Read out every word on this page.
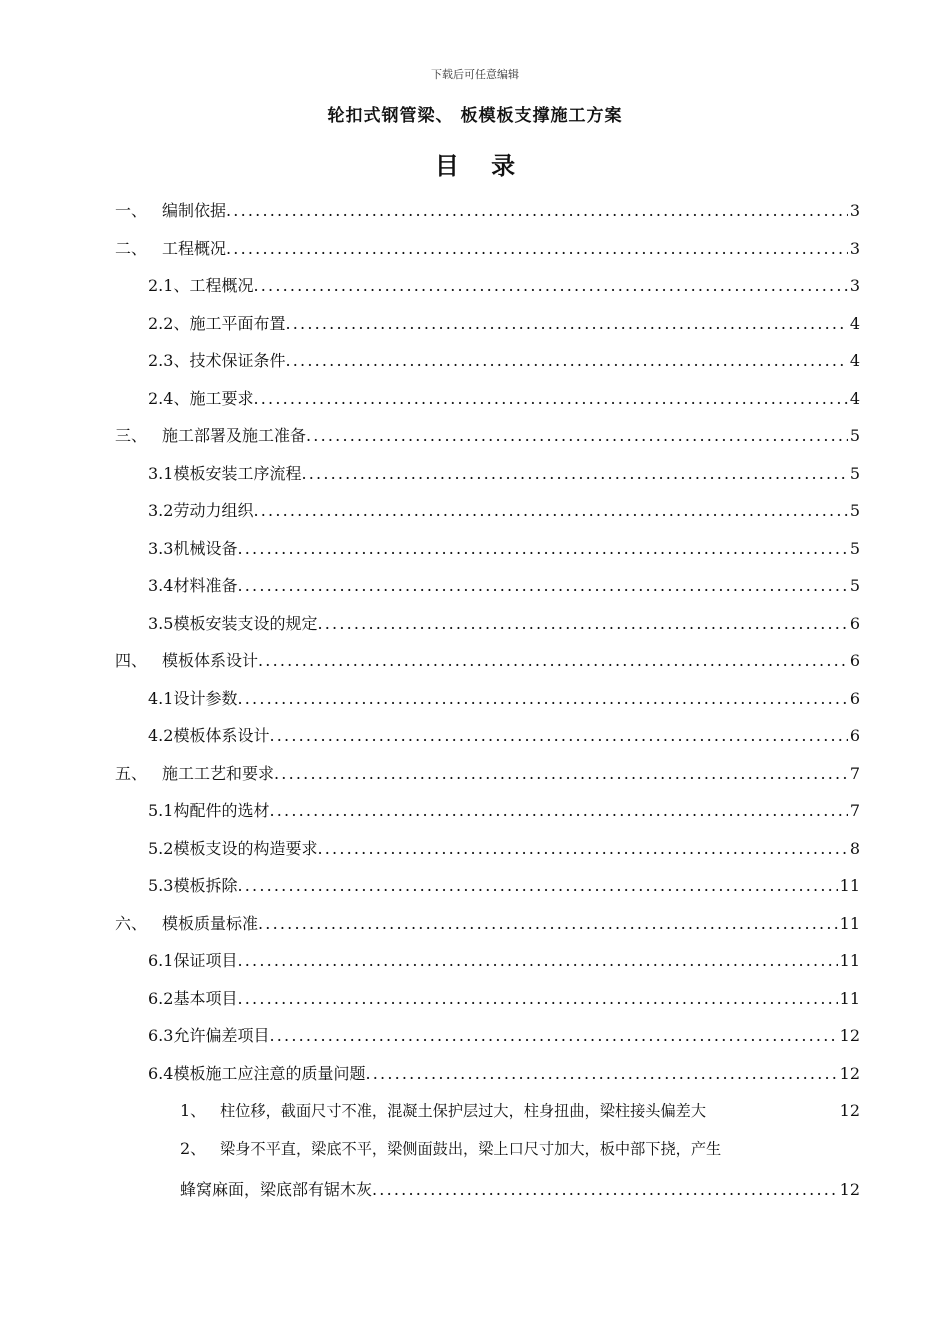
下载后可任意编辑
轮扣式钢管梁、 板模板支撑施工方案
目 录
一、 编制依据 .....	3
二、 工程概况 .....	3
2.1、 工程概况 .....	3
2.2、 施工平面布置 .....	4
2.3、 技术保证条件 .....	4
2.4、 施工要求 .....	4
三、 施工部署及施工准备 .....	5
3.1 模板安装工序流程 .....	5
3.2 劳动力组织 .....	5
3.3 机械设备 .....	5
3.4 材料准备 .....	5
3.5 模板安装支设的规定 .....	6
四、 模板体系设计 .....	6
4.1 设计参数 .....	6
4.2 模板体系设计 .....	6
五、 施工工艺和要求 .....	7
5.1 构配件的选材 .....	7
5.2 模板支设的构造要求 .....	8
5.3 模板拆除 .....	11
六、 模板质量标准 .....	11
6.1 保证项目 .....	11
6.2 基本项目 .....	11
6.3 允许偏差项目 .....	12
6.4 模板施工应注意的质量问题 .....	12
1、 柱位移，截面尺寸不准，混凝土保护层过大，柱身扭曲，梁柱接头偏差大	12
2、 梁身不平直，梁底不平，梁侧面鼓出，梁上口尺寸加大，板中部下挠，产生
蜂窝麻面，梁底部有锯木灰 .....	12
